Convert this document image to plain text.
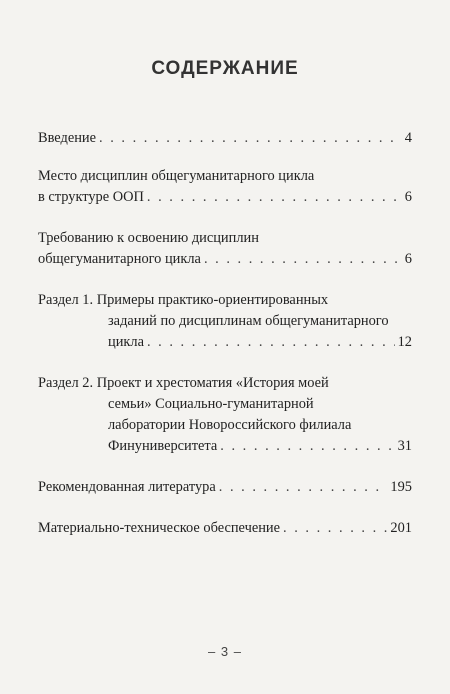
СОДЕРЖАНИЕ
Введение . . .	4
Место дисциплин общегуманитарного цикла
в структуре ООП . . .	6
Требованию к освоению дисциплин
общегуманитарного цикла . . .	6
Раздел 1. Примеры практико-ориентированных
заданий по дисциплинам общегуманитарного
цикла . . .	12
Раздел 2. Проект и хрестоматия «История моей
семьи» Социально-гуманитарной
лаборатории Новороссийского филиала
Финуниверситета . . .	31
Рекомендованная литература . . .	195
Материально-техническое обеспечение . . .	201
– 3 –
